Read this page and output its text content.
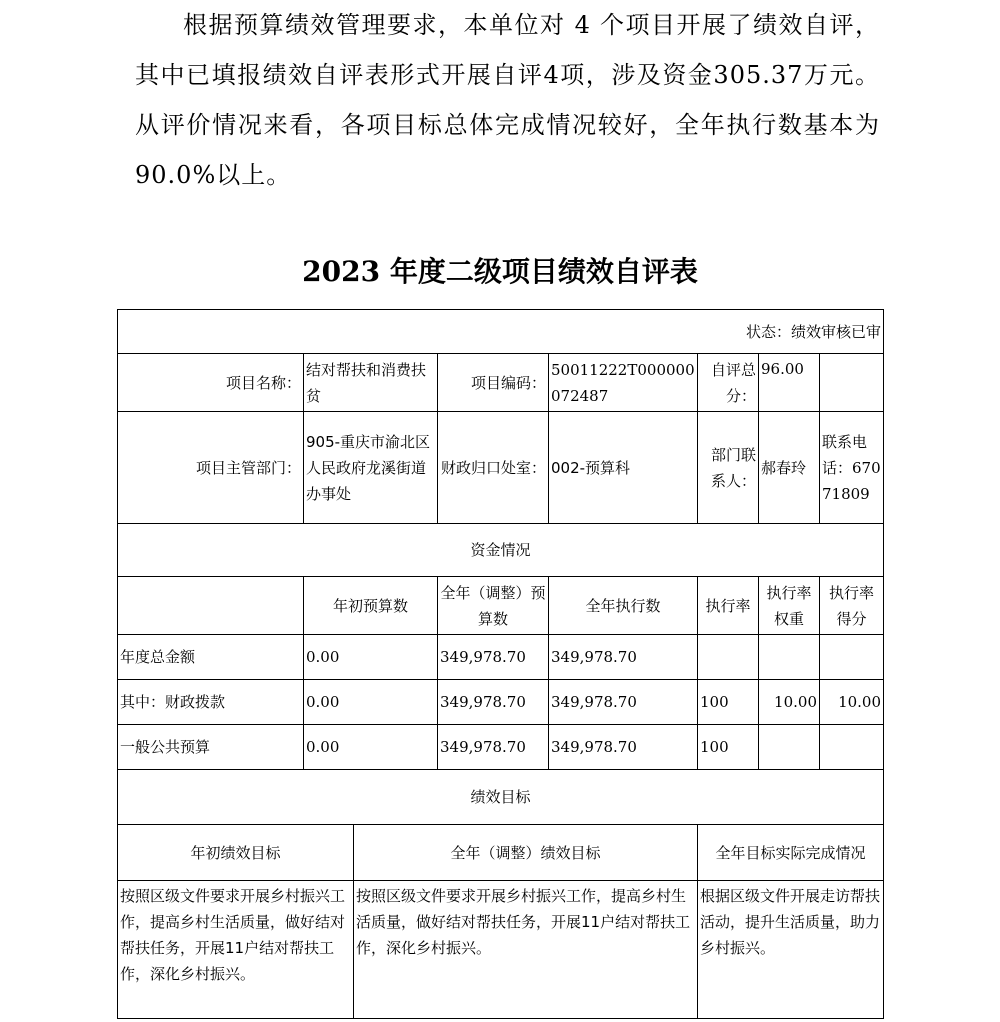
根据预算绩效管理要求，本单位对 4 个项目开展了绩效自评，其中已填报绩效自评表形式开展自评4项，涉及资金305.37万元。从评价情况来看，各项目标总体完成情况较好，全年执行数基本为90.0%以上。

2023 年度二级项目绩效自评表
状态：绩效审核已审							
项目名称：	结对帮扶和消费扶贫		项目编码：	50011222T000000072487	自评总分：	96.00	
项目主管部门：	905-重庆市渝北区人民政府龙溪街道办事处		财政归口处室：	002-预算科	部门联系人：	郝春玲	联系电话：67071809
资金情况							
	年初预算数		全年（调整）预算数	全年执行数	执行率	执行率权重	执行率得分
年度总金额	0.00		349,978.70	349,978.70			
其中：财政拨款	0.00		349,978.70	349,978.70	100	10.00	10.00
一般公共预算	0.00		349,978.70	349,978.70	100		
绩效目标							
年初绩效目标		全年（调整）绩效目标			全年目标实际完成情况		
按照区级文件要求开展乡村振兴工作，提高乡村生活质量，做好结对帮扶任务，开展11户结对帮扶工作，深化乡村振兴。		按照区级文件要求开展乡村振兴工作，提高乡村生活质量，做好结对帮扶任务，开展11户结对帮扶工作，深化乡村振兴。			根据区级文件开展走访帮扶活动，提升生活质量，助力乡村振兴。		
